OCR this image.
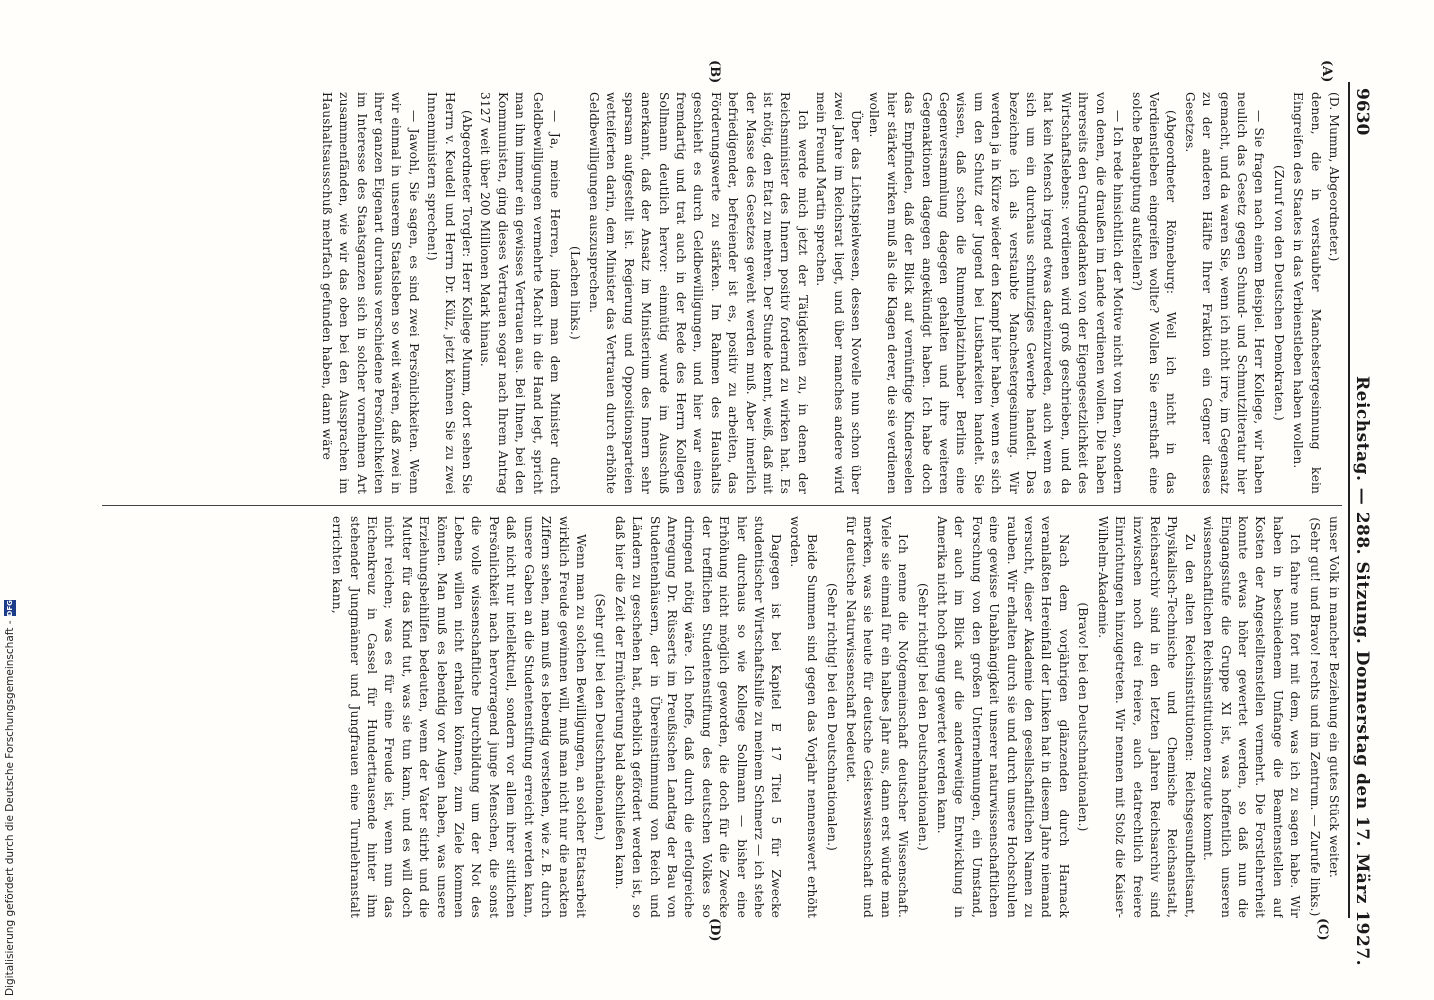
9630
Reichstag. — 288. Sitzung. Donnerstag den 17. März 1927.
(A)
(B)
(C)
(D)

(D. Mumm, Abgeordneter.)

denen, die in verstaubter Manchestergesinnung kein Eingreifen des Staates in das Verbienstleben haben wollen.

(Zuruf von den Deutschen Demokraten.)

— Sie fragen nach einem Beispiel. Herr Kollege, wir haben neulich das Gesetz gegen Schund- und Schmutzliteratur hier gemacht, und da waren Sie, wenn ich nicht irre, im Gegensatz zu der anderen Hälfte Ihrer Fraktion ein Gegner dieses Gesetzes.

(Abgeordneter Rönneburg: Weil ich nicht in das Verdienstleben eingreifen wollte? Wollen Sie ernsthaft eine solche Behauptung aufstellen?)

— Ich rede hinsichtlich der Motive nicht von Ihnen, sondern von denen, die draußen im Lande verdienen wollen. Die haben ihrerseits den Grundgedanken von der Eigengesetzlichkeit des Wirtschaftslebens: verdienen wird groß geschrieben, und da hat kein Mensch irgend etwas dareinzureden, auch wenn es sich um ein durchaus schmutziges Gewerbe handelt. Das bezeichne ich als verstaubte Manchestergesinnung. Wir werden ja in Kürze wieder den Kampf hier haben, wenn es sich um den Schutz der Jugend bei Lustbarkeiten handelt. Sie wissen, daß schon die Rummelplatzinhaber Berlins eine Gegenversammlung dagegen gehalten und ihre weiteren Gegenaktionen dagegen angekündigt haben. Ich habe doch das Empfinden, daß der Blick auf vernünftige Kinderseelen hier stärker wirken muß als die Klagen derer, die sie verdienen wollen.

Über das Lichtspielwesen, dessen Novelle nun schon über zwei Jahre im Reichsrat liegt, und über manches andere wird mein Freund Martin sprechen.

Ich werde mich jetzt der Tätigkeiten zu, in denen der Reichsminister des Innern positiv fordernd zu wirken hat. Es ist nötig, den Etat zu mehren. Der Stunde kennt, weiß, daß mit der Masse des Gesetzes geweht werden muß. Aber innerlich befriedigender, befreiender ist es, positiv zu arbeiten, das Förderungswerte zu stärken. Im Rahmen des Haushalts geschieht es durch Geldbewilligungen, und hier war eines fremdartig und trat auch in der Rede des Herrn Kollegen Sollmann deutlich hervor: einmütig wurde im Ausschuß anerkannt, daß der Ansatz im Ministerium des Innern sehr sparsam aufgestellt ist. Regierung und Oppositionsparteien wetteiferten darin, dem Minister das Vertrauen durch erhöhte Geldbewilligungen auszusprechen.

(Lachen links.)

— Ja, meine Herren, indem man dem Minister durch Geldbewilligungen vermehrte Macht in die Hand legt, spricht man ihm immer ein gewisses Vertrauen aus. Bei Ihnen, bei den Kommunisten, ging dieses Vertrauen sogar nach Ihrem Antrag 3127 weit über 200 Millionen Mark hinaus.

(Abgeordneter Torgler: Herr Kollege Mumm, dort sehen Sie Herrn v. Keudell und Herrn Dr. Külz, jetzt können Sie zu zwei Innenministern sprechen!)

— Jawohl, Sie sagen, es sind zwei Persönlichkeiten. Wenn wir einmal in unserem Staatsleben so weit wären, daß zwei in ihrer ganzen Eigenart durchaus verschiedene Persönlichkeiten im Interesse des Staatsganzen sich in solcher vornehmen Art zusammenfänden, wie wir das oben bei den Aussprachen im Haushaltsausschuß mehrfach gefunden haben, dann wäre

unser Volk in mancher Beziehung ein gutes Stück weiter.

(Sehr gut! und Bravo! rechts und im Zentrum. — Zurufe links.)

Ich fahre nun fort mit dem, was ich zu sagen habe. Wir haben in beschiedenem Umfange die Beamtenstellen auf Kosten der Angestelltenstellen vermehrt. Die Forstlehrerheit konnte etwas höher gewertet werden, so daß nun die Eingangsstufe die Gruppe XI ist, was hoffentlich unseren wissenschaftlichen Reichsinstitutionen zugute kommt.

Zu den alten Reichsinstitutionen: Reichsgesundheitsamt, Physikalisch-Technische und Chemische Reichsanstalt, Reichsarchiv sind in den letzten Jahren Reichsarchiv sind inzwischen noch drei freiere, auch etatrechtlich freiere Einrichtungen hinzugetreten. Wir nennen mit Stolz die Kaiser-Wilhelm-Akademie.

(Bravo! bei den Deutschnationalen.)

Nach dem vorjährigen glänzenden durch Harnack veranlaßten Hereinfall der Linken hat in diesem Jahre niemand versucht, dieser Akademie den gesellschaftlichen Namen zu rauben. Wir erhalten durch sie und durch unsere Hochschulen eine gewisse Unabhängigkeit unserer naturwissenschaftlichen Forschung von den großen Unternehmungen, ein Umstand, der auch im Blick auf die anderweitige Entwicklung in Amerika nicht hoch genug gewertet werden kann.

(Sehr richtig! bei den Deutschnationalen.)

Ich nenne die Notgemeinschaft deutscher Wissenschaft. Viele sie einmal für ein halbes Jahr aus, dann erst würde man merken, was sie heute für deutsche Geisteswissenschaft und für deutsche Naturwissenschaft bedeutet.

(Sehr richtig! bei den Deutschnationalen.)

Beide Summen sind gegen das Vorjahr nennenswert erhöht worden.

Dagegen ist bei Kapitel E 17 Titel 5 für Zwecke studentischer Wirtschaftshilfe zu meinem Schmerz — ich stehe hier durchaus so wie Kollege Sollmann — bisher eine Erhöhung nicht möglich geworden, die doch für die Zwecke der trefflichen Studentenstiftung des deutschen Volkes so dringend nötig wäre. Ich hoffe, daß durch die erfolgreiche Anregung Dr. Rüsserts im Preußischen Landtag der Bau von Studentenhäusern, der in Übereinstimmung von Reich und Ländern zu geschehen hat, erheblich gefördert werden ist, so daß hier die Zeit der Ernüchterung bald abschließen kann.

(Sehr gut! bei den Deutschnationalen.)

Wenn man zu solchen Bewilligungen, an solcher Etatsarbeit wirklich Freude gewinnen will, muß man nicht nur die nackten Ziffern sehen, man muß es lebendig verstehen, wie z. B. durch unsere Gaben an die Studentenstiftung erreicht werden kann, daß nicht nur intellektuell, sondern vor allem ihrer sittlichen Persönlichkeit nach hervorragend junge Menschen, die sonst die volle wissenschaftliche Durchbildung um der Not des Lebens willen nicht erhalten können, zum Ziele kommen können. Man muß es lebendig vor Augen haben, was unsere Erziehungsbeihilfen bedeuten, wenn der Vater stirbt und die Mutter für das Kind tut, was sie tun kann, und es will doch nicht reichen; was es für eine Freude ist, wenn nun das Eichenkreuz in Cassel für Hunderttausende hinter ihm stehender Jungmänner und Jungfrauen eine Turnlehranstalt errichten kann,

Digitalisierung gefördert durch die Deutsche Forschungsgemeinschaft -
DFG
